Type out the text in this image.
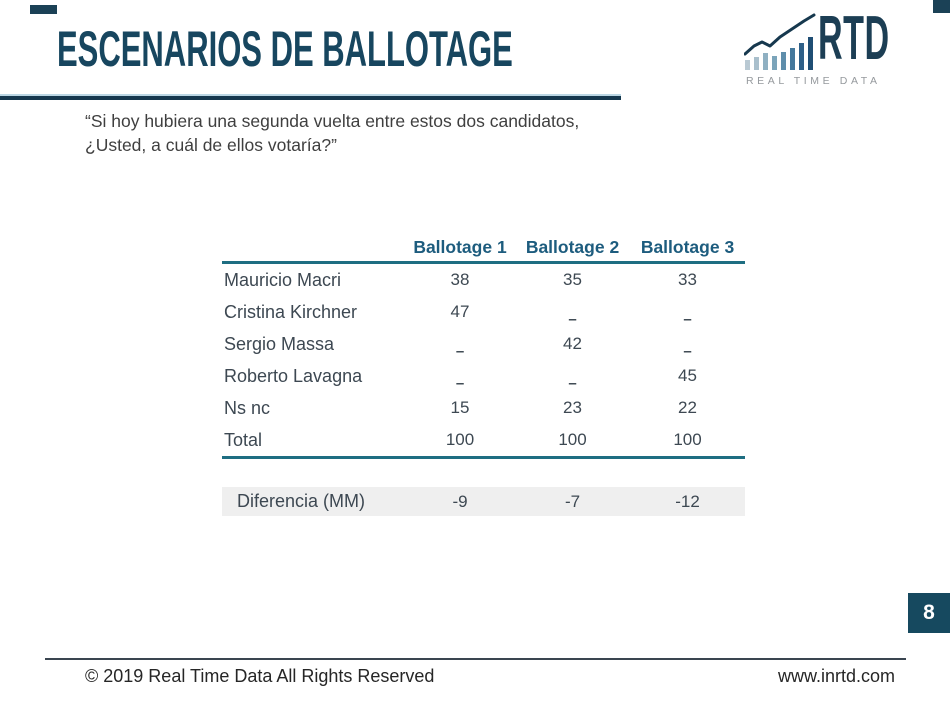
ESCENARIOS DE BALLOTAGE

“Si hoy hubiera una segunda vuelta entre estos dos candidatos,
¿Usted, a cuál de ellos votaría?”

RTD
REAL TIME DATA
Ballotage 1	Ballotage 2	Ballotage 3
Mauricio Macri	38	35	33
Cristina Kirchner	47	–	–
Sergio Massa	–	42	–
Roberto Lavagna	–	–	45
Ns nc	15	23	22
Total	100	100	100
Diferencia (MM)	-9	-7	-12
8
© 2019 Real Time Data All Rights Reserved	www.inrtd.com
